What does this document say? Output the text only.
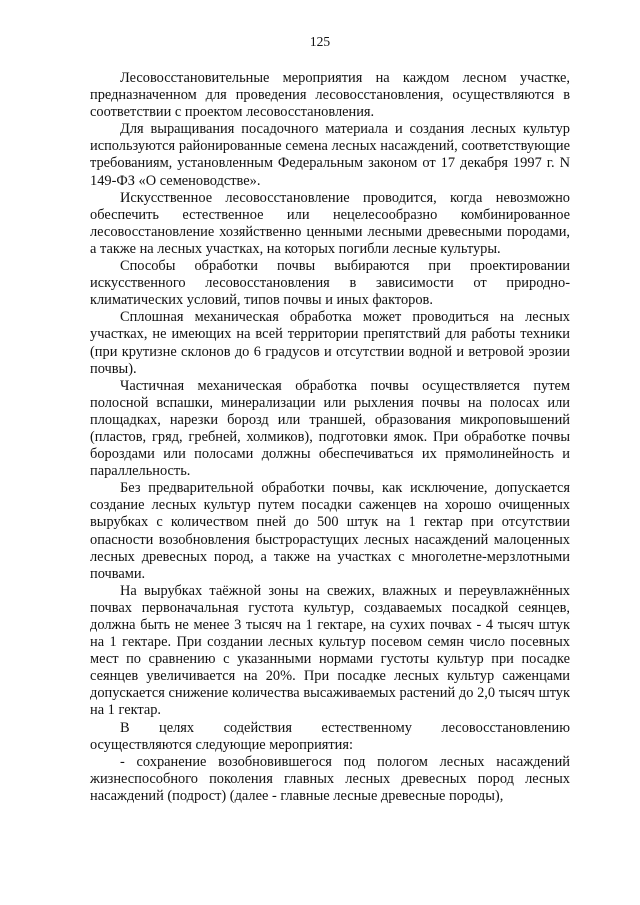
125

Лесовосстановительные мероприятия на каждом лесном участке, предназначенном для проведения лесовосстановления, осуществляются в соответствии с проектом лесовосстановления.

Для выращивания посадочного материала и создания лесных культур используются районированные семена лесных насаждений, соответствующие требованиям, установленным Федеральным законом от 17 декабря 1997 г. N 149-ФЗ «О семеноводстве».

Искусственное лесовосстановление проводится, когда невозможно обеспечить естественное или нецелесообразно комбинированное лесовосстановление хозяйственно ценными лесными древесными породами, а также на лесных участках, на которых погибли лесные культуры.

Способы обработки почвы выбираются при проектировании искусственного лесовосстановления в зависимости от природно-климатических условий, типов почвы и иных факторов.

Сплошная механическая обработка может проводиться на лесных участках, не имеющих на всей территории препятствий для работы техники (при крутизне склонов до 6 градусов и отсутствии водной и ветровой эрозии почвы).

Частичная механическая обработка почвы осуществляется путем полосной вспашки, минерализации или рыхления почвы на полосах или площадках, нарезки борозд или траншей, образования микроповышений (пластов, гряд, гребней, холмиков), подготовки ямок. При обработке почвы бороздами или полосами должны обеспечиваться их прямолинейность и параллельность.

Без предварительной обработки почвы, как исключение, допускается создание лесных культур путем посадки саженцев на хорошо очищенных вырубках с количеством пней до 500 штук на 1 гектар при отсутствии опасности возобновления быстрорастущих лесных насаждений малоценных лесных древесных пород, а также на участках с многолетне-мерзлотными почвами.

На вырубках таёжной зоны на свежих, влажных и переувлажнённых почвах первоначальная густота культур, создаваемых посадкой сеянцев, должна быть не менее 3 тысяч на 1 гектаре, на сухих почвах - 4 тысяч штук на 1 гектаре. При создании лесных культур посевом семян число посевных мест по сравнению с указанными нормами густоты культур при посадке сеянцев увеличивается на 20%. При посадке лесных культур саженцами допускается снижение количества высаживаемых растений до 2,0 тысяч штук на 1 гектар.

В целях содействия естественному лесовосстановлению осуществляются следующие мероприятия:

- сохранение возобновившегося под пологом лесных насаждений жизнеспособного поколения главных лесных древесных пород лесных насаждений (подрост) (далее - главные лесные древесные породы),
